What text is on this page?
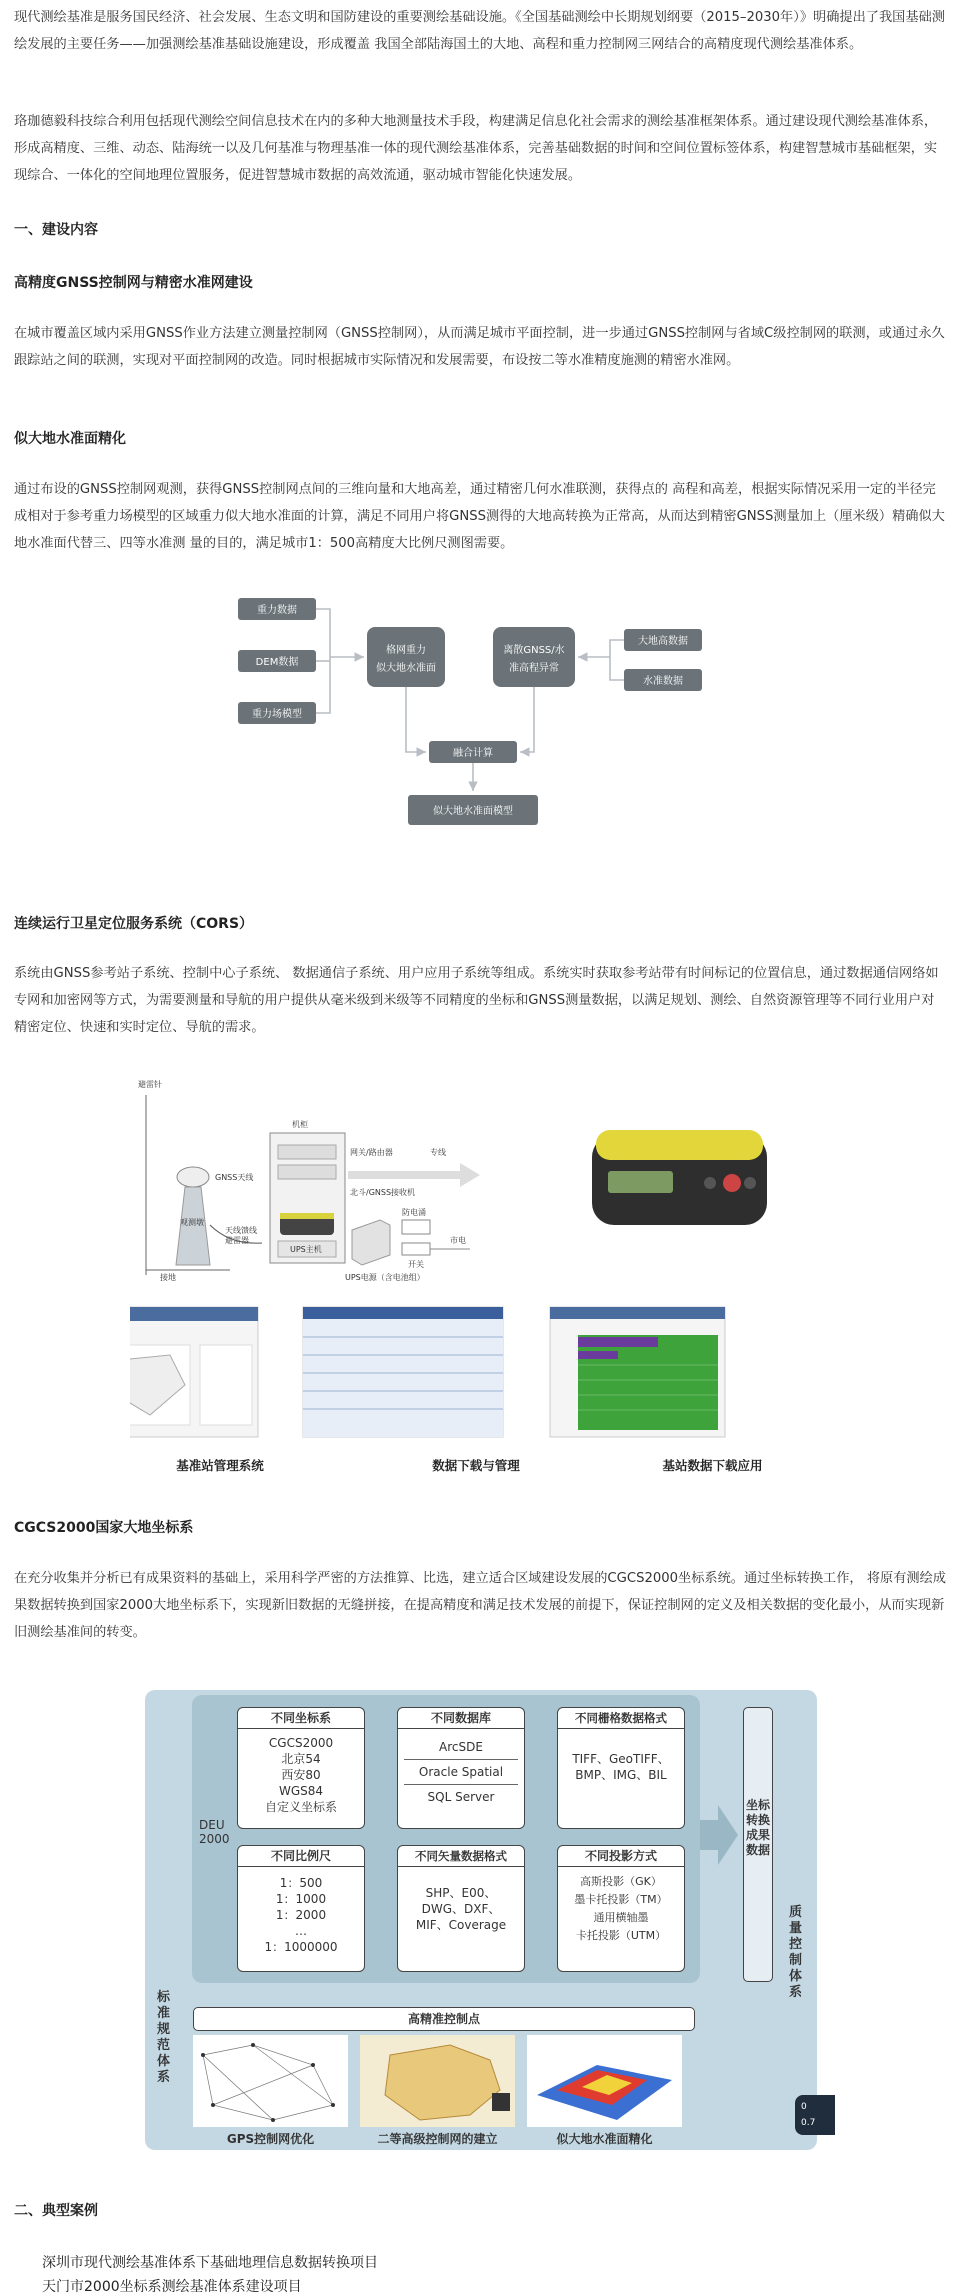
现代测绘基准是服务国民经济、社会发展、生态文明和国防建设的重要测绘基础设施。《全国基础测绘中长期规划纲要（2015–2030年）》明确提出了我国基础测绘发展的主要任务——加强测绘基准基础设施建设，形成覆盖 我国全部陆海国土的大地、高程和重力控制网三网结合的高精度现代测绘基准体系。

珞珈德毅科技综合利用包括现代测绘空间信息技术在内的多种大地测量技术手段，构建满足信息化社会需求的测绘基准框架体系。通过建设现代测绘基准体系，形成高精度、三维、动态、陆海统一以及几何基准与物理基准一体的现代测绘基准体系，完善基础数据的时间和空间位置标签体系，构建智慧城市基础框架，实现综合、一体化的空间地理位置服务，促进智慧城市数据的高效流通，驱动城市智能化快速发展。

一、建设内容

高精度GNSS控制网与精密水准网建设

在城市覆盖区域内采用GNSS作业方法建立测量控制网（GNSS控制网），从而满足城市平面控制，进一步通过GNSS控制网与省域C级控制网的联测，或通过永久跟踪站之间的联测，实现对平面控制网的改造。同时根据城市实际情况和发展需要，布设按二等水准精度施测的精密水准网。

似大地水准面精化

通过布设的GNSS控制网观测，获得GNSS控制网点间的三维向量和大地高差，通过精密几何水准联测，获得点的 高程和高差，根据实际情况采用一定的半径完成相对于参考重力场模型的区域重力似大地水准面的计算，满足不同用户将GNSS测得的大地高转换为正常高，从而达到精密GNSS测量加上（厘米级）精确似大地水准面代替三、四等水准测 量的目的，满足城市1：500高精度大比例尺测图需要。

重力数据
DEM数据
重力场模型
格网重力
似大地水准面
离散GNSS/水
准高程异常
大地高数据
水准数据
融合计算
似大地水准面模型

连续运行卫星定位服务系统（CORS）

系统由GNSS参考站子系统、控制中心子系统、 数据通信子系统、用户应用子系统等组成。系统实时获取参考站带有时间标记的位置信息，通过数据通信网络如专网和加密网等方式，为需要测量和导航的用户提供从毫米级到米级等不同精度的坐标和GNSS测量数据，以满足规划、测绘、自然资源管理等不同行业用户对精密定位、快速和实时定位、导航的需求。

避雷针
GNSS天线
观测墩
天线馈线
避雷器
接地
机柜
UPS主机
北斗/GNSS接收机
网关/路由器	专线
UPS电源（含电池组）
防电涌
开关
市电
基准站管理系统	数据下载与管理	基站数据下载应用

CGCS2000国家大地坐标系

在充分收集并分析已有成果资料的基础上，采用科学严密的方法推算、比选，建立适合区域建设发展的CGCS2000坐标系统。通过坐标转换工作， 将原有测绘成果数据转换到国家2000大地坐标系下，实现新旧数据的无缝拼接，在提高精度和满足技术发展的前提下，保证控制网的定义及相关数据的变化最小，从而实现新旧测绘基准间的转变。

标准规范体系
质量控制体系
DEU
2000
不同坐标系
CGCS2000
北京54
西安80
WGS84
自定义坐标系
不同数据库
ArcSDE
Oracle Spatial
SQL Server
不同栅格数据格式
TIFF、GeoTIFF、
BMP、IMG、BIL
不同比例尺
1：500
1：1000
1：2000
…
1：1000000
不同矢量数据格式
SHP、E00、
DWG、DXF、
MIF、Coverage
不同投影方式
高斯投影（GK）
墨卡托投影（TM）
通用横轴墨
卡托投影（UTM）
坐标转换成果数据
高精准控制点
GPS控制网优化	二等高级控制网的建立	似大地水准面精化
0
0.7

二、典型案例

深圳市现代测绘基准体系下基础地理信息数据转换项目
天门市2000坐标系测绘基准体系建设项目
